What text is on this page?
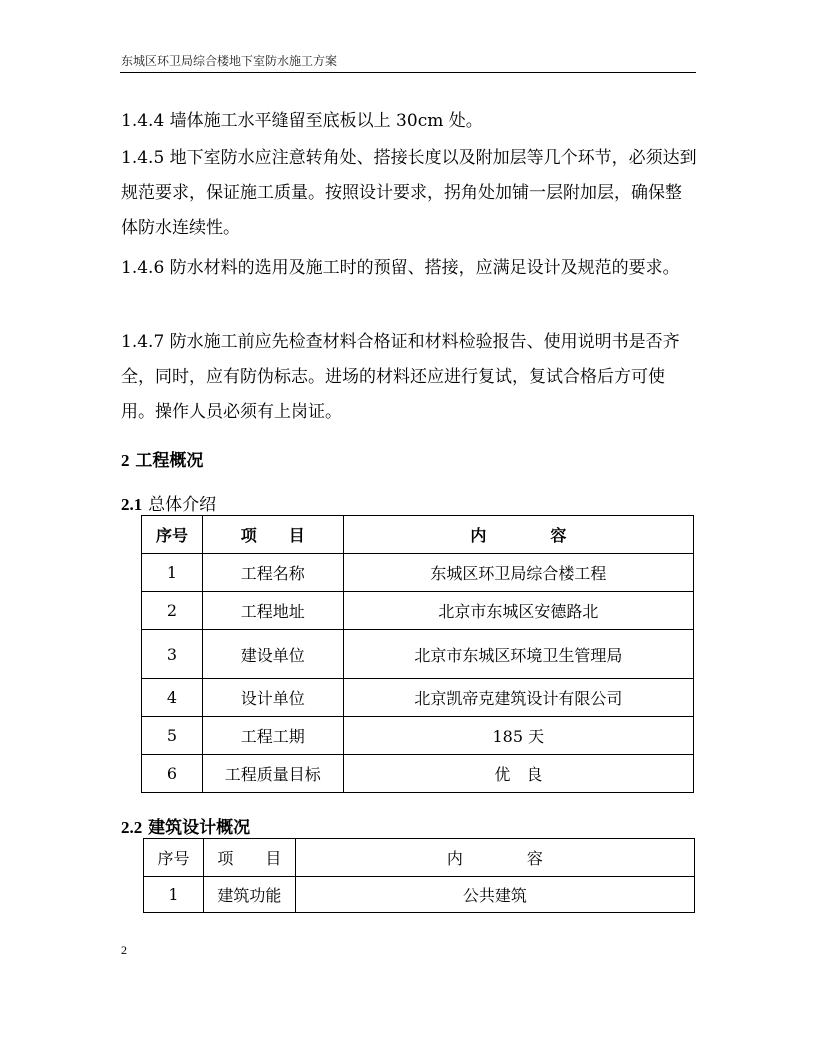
东城区环卫局综合楼地下室防水施工方案

1.4.4 墙体施工水平缝留至底板以上 30cm 处。

1.4.5 地下室防水应注意转角处、搭接长度以及附加层等几个环节，必须达到规范要求，保证施工质量。按照设计要求，拐角处加铺一层附加层，确保整体防水连续性。

1.4.6 防水材料的选用及施工时的预留、搭接，应满足设计及规范的要求。

1.4.7 防水施工前应先检查材料合格证和材料检验报告、使用说明书是否齐全，同时，应有防伪标志。进场的材料还应进行复试，复试合格后方可使用。操作人员必须有上岗证。

2 工程概况
2.1 总体介绍
序号	项　　目	内　　　　容
1	工程名称	东城区环卫局综合楼工程
2	工程地址	北京市东城区安德路北
3	建设单位	北京市东城区环境卫生管理局
4	设计单位	北京凯帝克建筑设计有限公司
5	工程工期	185 天
6	工程质量目标	优　良
2.2 建筑设计概况
序号	项　　目	内　　　　容
1	建筑功能	公共建筑
2
